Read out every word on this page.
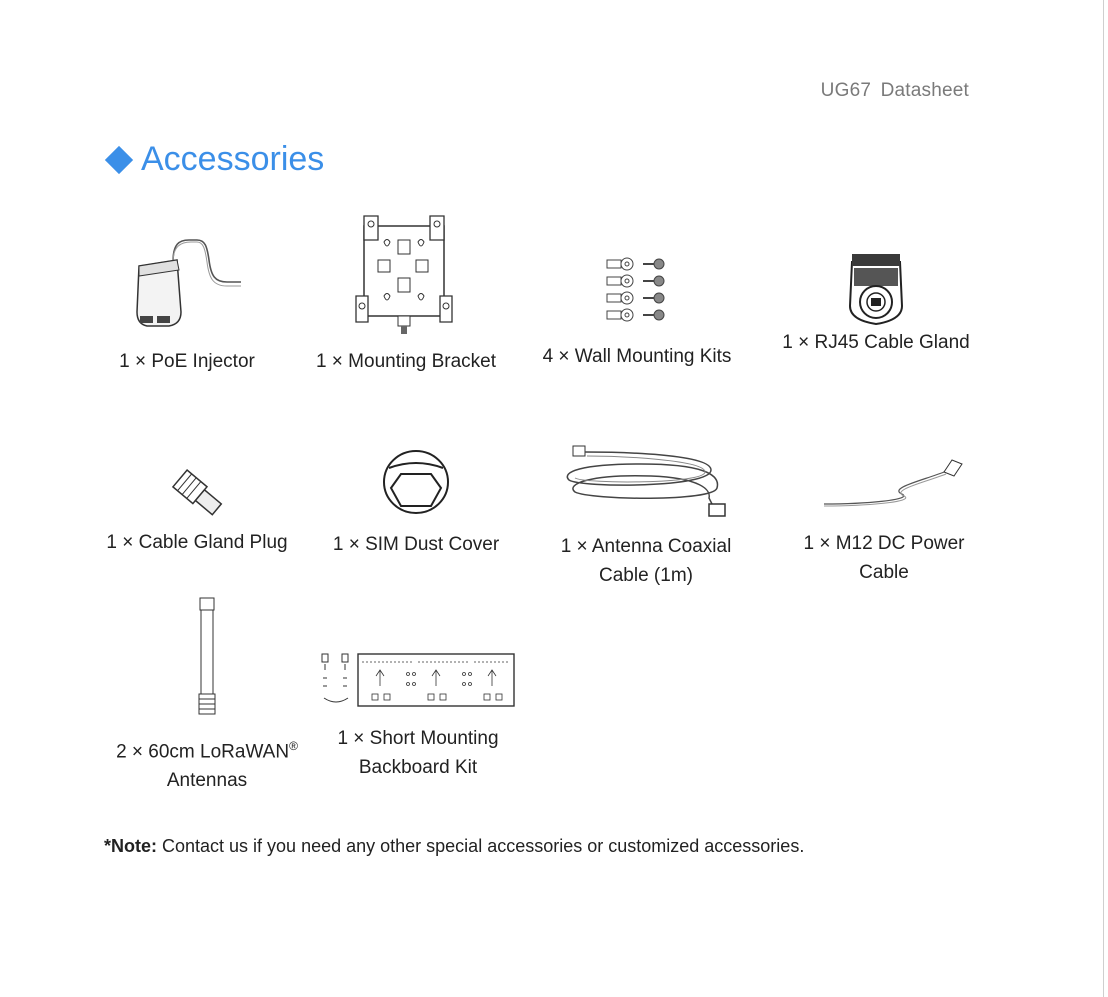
UG67 Datasheet
Accessories
1 × PoE Injector	1 × Mounting Bracket	4 × Wall Mounting Kits
1 × RJ45 Cable Gland
1 × Cable Gland Plug	1 × SIM Dust Cover	1 × Antenna Coaxial
Cable (1m)
1 × M12 DC Power
Cable
2 × 60cm LoRaWAN®
Antennas
1 × Short Mounting
Backboard Kit
*Note: Contact us if you need any other special accessories or customized accessories.
